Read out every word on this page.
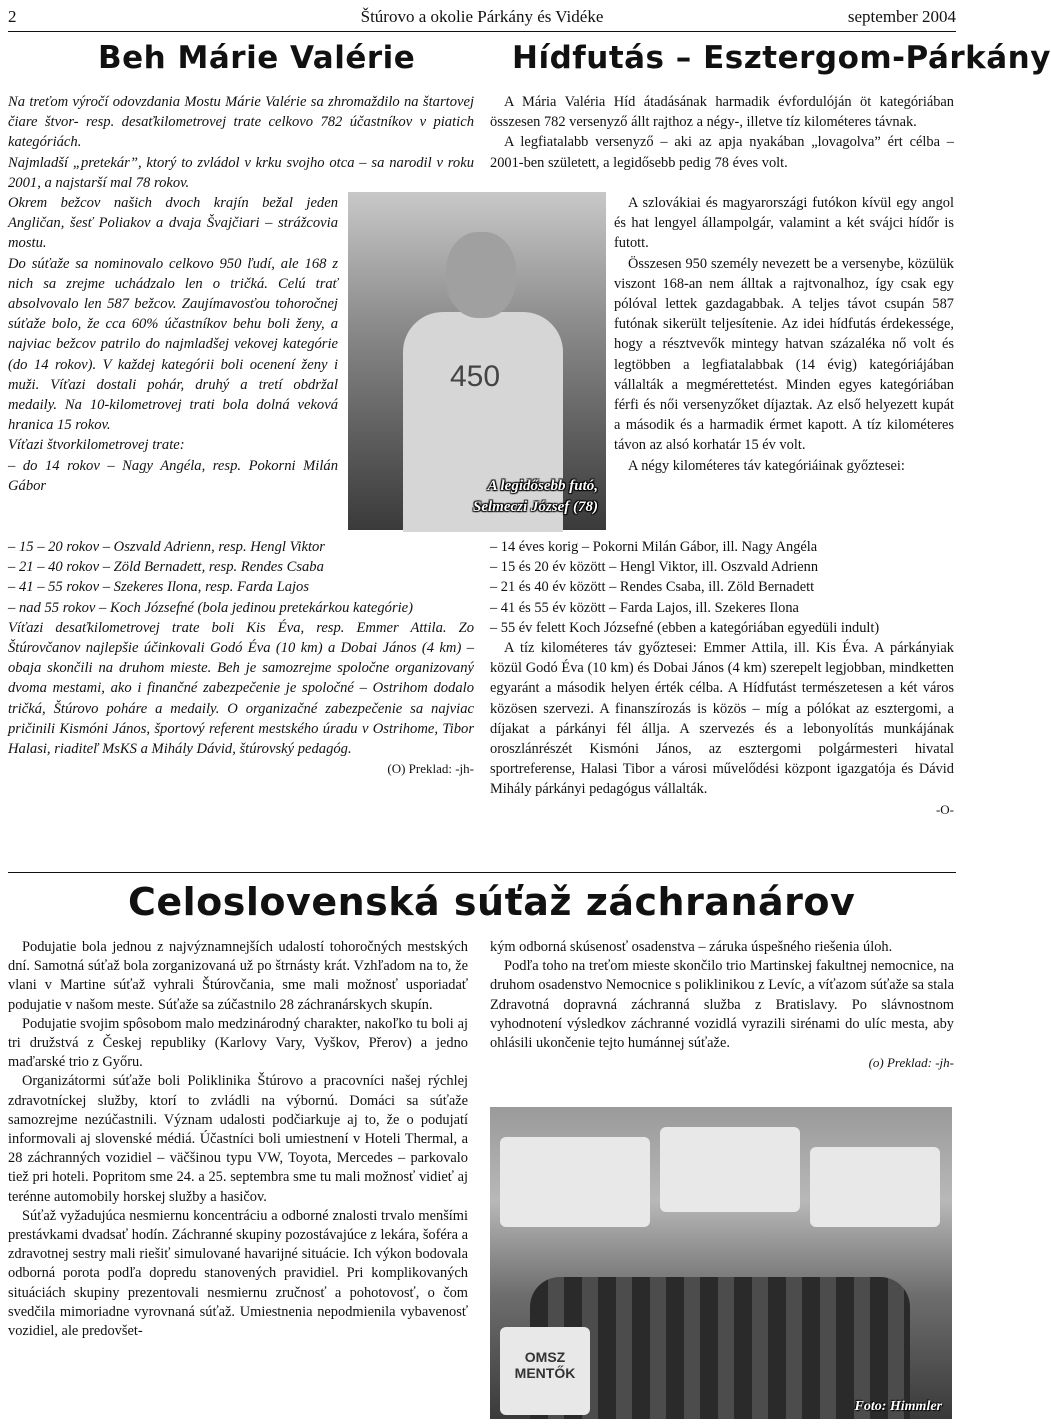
2	Štúrovo a okolie Párkány és Vidéke	september 2004
Beh Márie Valérie	Hídfutás – Esztergom-Párkány

Na treťom výročí odovzdania Mostu Márie Valérie sa zhromaždilo na štartovej čiare štvor- resp. desaťkilometrovej trate celkovo 782 účastníkov v piatich kategóriách.

Najmladší „pretekár”, ktorý to zvládol v krku svojho otca – sa narodil v roku 2001, a najstarší mal 78 rokov.

Okrem bežcov našich dvoch krajín bežal jeden Angličan, šesť Poliakov a dvaja Švajčiari – strážcovia mostu.

Do súťaže sa nominovalo celkovo 950 ľudí, ale 168 z nich sa zrejme uchádzalo len o tričká. Celú trať absolvovalo len 587 bežcov. Zaujímavosťou tohoročnej súťaže bolo, že cca 60% účastníkov behu boli ženy, a najviac bežcov patrilo do najmladšej vekovej kategórie (do 14 rokov). V každej kategórii boli ocenení ženy i muži. Víťazi dostali pohár, druhý a tretí obdržal medaily. Na 10-kilometrovej trati bola dolná veková hranica 15 rokov.

Víťazi štvorkilometrovej trate:

– do 14 rokov – Nagy Angéla, resp. Pokorni Milán Gábor

– 15 – 20 rokov – Oszvald Adrienn, resp. Hengl Viktor

– 21 – 40 rokov – Zöld Bernadett, resp. Rendes Csaba

– 41 – 55 rokov – Szekeres Ilona, resp. Farda Lajos

– nad 55 rokov – Koch Józsefné (bola jedinou pretekárkou kategórie)

Víťazi desaťkilometrovej trate boli Kis Éva, resp. Emmer Attila. Zo Štúrovčanov najlepšie účinkovali Godó Éva (10 km) a Dobai János (4 km) – obaja skončili na druhom mieste. Beh je samozrejme spoločne organizovaný dvoma mestami, ako i finančné zabezpečenie je spoločné – Ostrihom dodalo tričká, Štúrovo poháre a medaily. O organizačné zabezpečenie sa najviac pričinili Kismóni János, športový referent mestského úradu v Ostrihome, Tibor Halasi, riaditeľ MsKS a Mihály Dávid, štúrovský pedagóg.

(O) Preklad: -jh-

450
A legidősebb futó,
Selmeczi József (78)

A Mária Valéria Híd átadásának harmadik évfordulóján öt kategóriában összesen 782 versenyző állt rajthoz a négy-, illetve tíz kilométeres távnak.

A legfiatalabb versenyző – aki az apja nyakában „lovagolva” ért célba – 2001-ben született, a legidősebb pedig 78 éves volt.

A szlovákiai és magyarországi futókon kívül egy angol és hat lengyel állampolgár, valamint a két svájci hídőr is futott.

Összesen 950 személy nevezett be a versenybe, közülük viszont 168-an nem álltak a rajtvonalhoz, így csak egy pólóval lettek gazdagabbak. A teljes távot csupán 587 futónak sikerült teljesítenie. Az idei hídfutás érdekessége, hogy a résztvevők mintegy hatvan százaléka nő volt és legtöbben a legfiatalabbak (14 évig) kategóriájában vállalták a megmérettetést. Minden egyes kategóriában férfi és női versenyzőket díjaztak. Az első helyezett kupát a második és a harmadik érmet kapott. A tíz kilométeres távon az alsó korhatár 15 év volt.

A négy kilométeres táv kategóriáinak győztesei:

– 14 éves korig – Pokorni Milán Gábor, ill. Nagy Angéla

– 15 és 20 év között – Hengl Viktor, ill. Oszvald Adrienn

– 21 és 40 év között – Rendes Csaba, ill. Zöld Bernadett

– 41 és 55 év között – Farda Lajos, ill. Szekeres Ilona

– 55 év felett Koch Józsefné (ebben a kategóriában egyedüli indult)

A tíz kilométeres táv győztesei: Emmer Attila, ill. Kis Éva. A párkányiak közül Godó Éva (10 km) és Dobai János (4 km) szerepelt legjobban, mindketten egyaránt a második helyen érték célba. A Hídfutást természetesen a két város közösen szervezi. A finanszírozás is közös – míg a pólókat az esztergomi, a díjakat a párkányi fél állja. A szervezés és a lebonyolítás munkájának oroszlánrészét Kismóni János, az esztergomi polgármesteri hivatal sportreferense, Halasi Tibor a városi művelődési központ igazgatója és Dávid Mihály párkányi pedagógus vállalták.

-O-

Celoslovenská súťaž záchranárov

Podujatie bola jednou z najvýznamnejších udalostí tohoročných mestských dní. Samotná súťaž bola zorganizovaná už po štrnásty krát. Vzhľadom na to, že vlani v Martine súťaž vyhrali Štúrovčania, sme mali možnosť usporiadať podujatie v našom meste. Súťaže sa zúčastnilo 28 záchranárskych skupín.

Podujatie svojim spôsobom malo medzinárodný charakter, nakoľko tu boli aj tri družstvá z Českej republiky (Karlovy Vary, Vyškov, Přerov) a jedno maďarské trio z Győru.

Organizátormi súťaže boli Poliklinika Štúrovo a pracovníci našej rýchlej zdravotníckej služby, ktorí to zvládli na výbornú. Domáci sa súťaže samozrejme nezúčastnili. Význam udalosti podčiarkuje aj to, že o podujatí informovali aj slovenské médiá. Účastníci boli umiestnení v Hoteli Thermal, a 28 záchranných vozidiel – väčšinou typu VW, Toyota, Mercedes – parkovalo tiež pri hoteli. Popritom sme 24. a 25. septembra sme tu mali možnosť vidieť aj terénne automobily horskej služby a hasičov.

Súťaž vyžadujúca nesmiernu koncentráciu a odborné znalosti trvalo menšími prestávkami dvadsať hodín. Záchranné skupiny pozostávajúce z lekára, šoféra a zdravotnej sestry mali riešiť simulované havarijné situácie. Ich výkon bodovala odborná porota podľa dopredu stanovených pravidiel. Pri komplikovaných situáciách skupiny prezentovali nesmiernu zručnosť a pohotovosť, o čom svedčila mimoriadne vyrovnaná súťaž. Umiestnenia nepodmienila vybavenosť vozidiel, ale predovšet-

kým odborná skúsenosť osadenstva – záruka úspešného riešenia úloh.

Podľa toho na treťom mieste skončilo trio Martinskej fakultnej nemocnice, na druhom osadenstvo Nemocnice s poliklinikou z Levíc, a víťazom súťaže sa stala Zdravotná dopravná záchranná služba z Bratislavy. Po slávnostnom vyhodnotení výsledkov záchranné vozidlá vyrazili sirénami do ulíc mesta, aby ohlásili ukončenie tejto humánnej súťaže.

(o) Preklad: -jh-

OMSZ MENTŐK
Foto: Himmler
